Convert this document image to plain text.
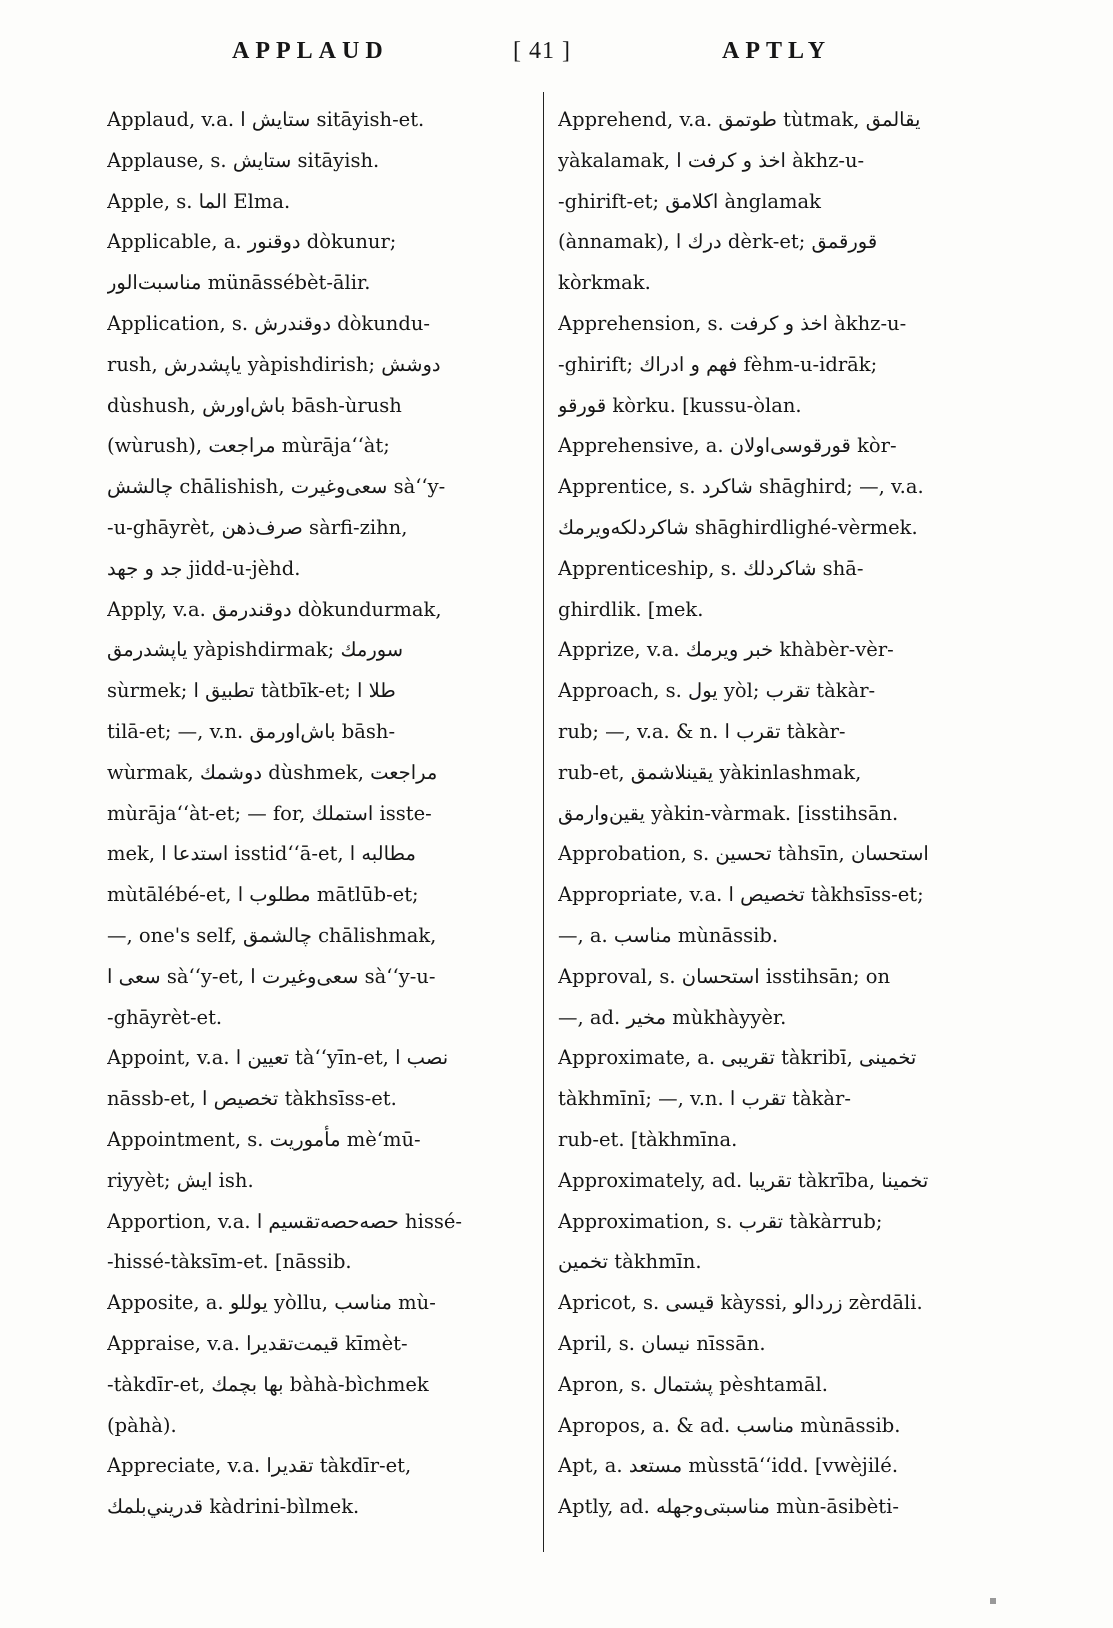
APPLAUD	[ 41 ]	APTLY
Applaud, v.a. ستايش ا sitāyish-et.
Applause, s. ستايش sitāyish.
Apple, s. الما Elma.
Applicable, a. دوقنور dòkunur;
مناسبت‌الور münāssébèt-ālir.
Application, s. دوقندرش dòkundu-
rush, ياپشدرش yàpishdirish; دوشش
dùshush, باش‌اورش bāsh-ùrush
(wùrush), مراجعت mùrāja‘‘àt;
چالشش chālishish, سعی‌وغيرت sà‘‘y-
-u-ghāyrèt, صرف‌ذهن sàrfi-zihn,
جد و جهد jidd-u-jèhd.
Apply, v.a. دوقندرمق dòkundurmak,
ياپشدرمق yàpishdirmak; سورمك
sùrmek; تطبيق ا tàtbīk-et; طلا ا
tilā-et; —, v.n. باش‌اورمق bāsh-
wùrmak, دوشمك dùshmek, مراجعت
mùrāja‘‘àt-et; — for, استملك isste-
mek, استدعا ا isstid‘‘ā-et, مطالبه ا
mùtālébé-et, مطلوب ا mātlūb-et;
—, one's self, چالشمق chālishmak,
سعی ا sà‘‘y-et, سعی‌وغيرت ا sà‘‘y-u-
-ghāyrèt-et.
Appoint, v.a. تعيين ا tà‘‘yīn-et, نصب ا
nāssb-et, تخصيص ا tàkhsīss-et.
Appointment, s. مأموريت mè‘mū-
riyyèt; ايش ish.
Apportion, v.a. حصه‌حصه‌تقسيم ا hissé-
-hissé-tàksīm-et. [nāssib.
Apposite, a. يوللو yòllu, مناسب mù-
Appraise, v.a. قيمت‌تقديرا kīmèt-
-tàkdīr-et, بها بچمك bàhà-bìchmek
(pàhà).
Appreciate, v.a. تقديرا tàkdīr-et,
قدريني‌بلمك kàdrini-bìlmek.
Apprehend, v.a. طوتمق tùtmak, يقالمق
yàkalamak, اخذ و كرفت ا àkhz-u-
-ghirift-et; اكلامق ànglamak
(ànnamak), درك ا dèrk-et; قورقمق
kòrkmak.
Apprehension, s. اخذ و كرفت àkhz-u-
-ghirift; فهم و ادراك fèhm-u-idrāk;
قورقو kòrku. [kussu-òlan.
Apprehensive, a. قورقوسی‌اولان kòr-
Apprentice, s. شاكرد shāghird; —, v.a.
شاكردلكه‌ويرمك shāghirdlighé-vèrmek.
Apprenticeship, s. شاكردلك shā-
ghirdlik. [mek.
Apprize, v.a. خبر ويرمك khàbèr-vèr-
Approach, s. يول yòl; تقرب tàkàr-
rub; —, v.a. & n. تقرب ا tàkàr-
rub-et, يقينلاشمق yàkinlashmak,
يقين‌وارمق yàkin-vàrmak. [isstihsān.
Approbation, s. تحسين tàhsīn, استحسان
Appropriate, v.a. تخصيص ا tàkhsīss-et;
—, a. مناسب mùnāssib.
Approval, s. استحسان isstihsān; on
—, ad. مخير mùkhàyyèr.
Approximate, a. تقريبی tàkribī, تخمينی
tàkhmīnī; —, v.n. تقرب ا tàkàr-
rub-et. [tàkhmīna.
Approximately, ad. تقريبا tàkrība, تخمينا
Approximation, s. تقرب tàkàrrub;
تخمين tàkhmīn.
Apricot, s. قيسی kàyssi, زردالو zèrdāli.
April, s. نيسان nīssān.
Apron, s. پشتمال pèshtamāl.
Apropos, a. & ad. مناسب mùnāssib.
Apt, a. مستعد mùsstā‘‘idd. [vwèjilé.
Aptly, ad. مناسبتی‌وجهله mùn-āsibèti-
